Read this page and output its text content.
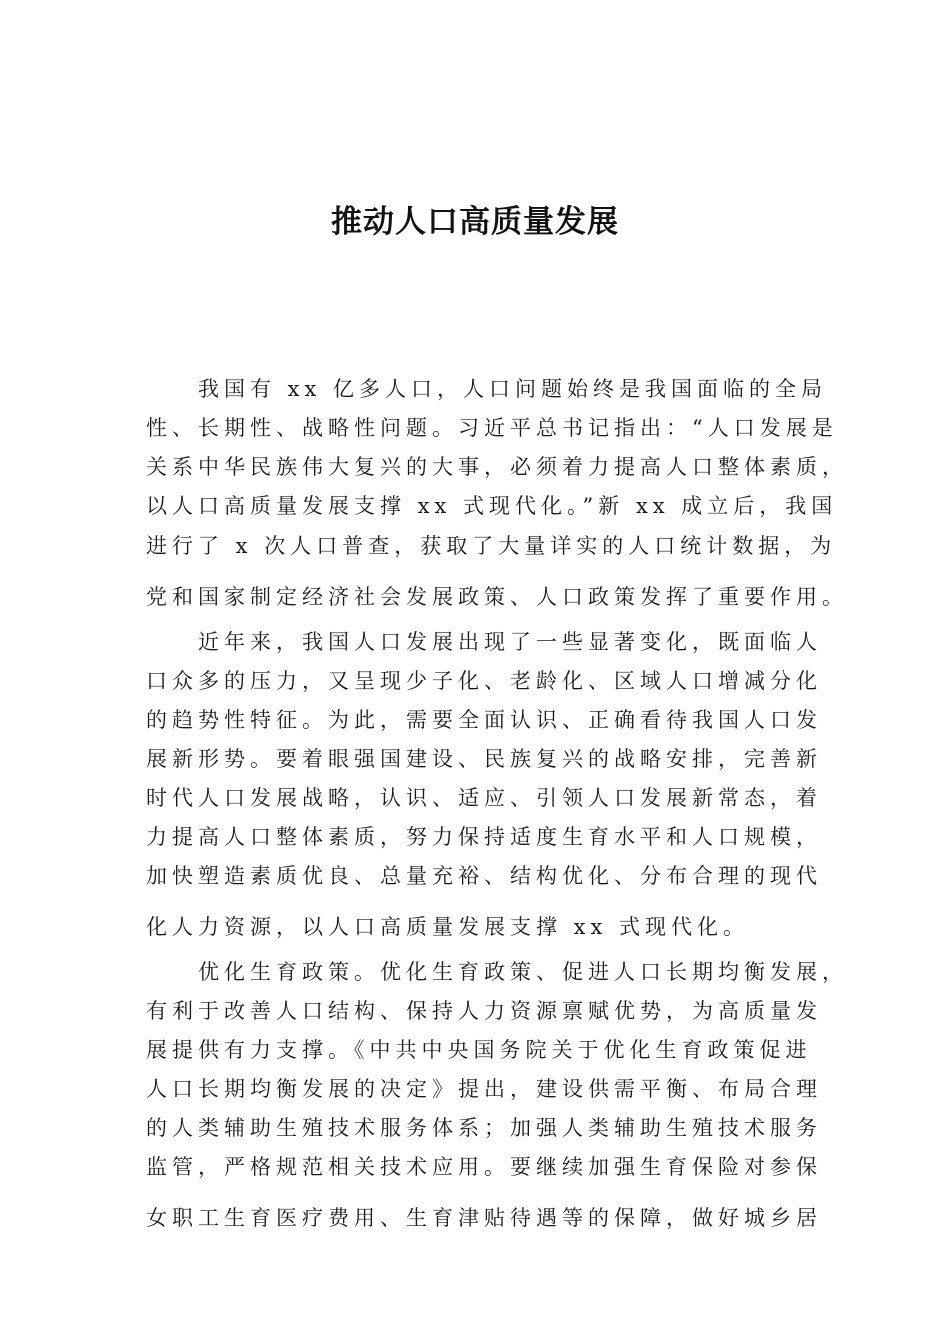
推动人口高质量发展
我国有 xx 亿多人口，人口问题始终是我国面临的全局
性、长期性、战略性问题。习近平总书记指出：“人口发展是
关系中华民族伟大复兴的大事，必须着力提高人口整体素质，
以人口高质量发展支撑 xx 式现代化。”新 xx 成立后，我国
进行了 x 次人口普查，获取了大量详实的人口统计数据，为
党和国家制定经济社会发展政策、人口政策发挥了重要作用。
近年来，我国人口发展出现了一些显著变化，既面临人
口众多的压力，又呈现少子化、老龄化、区域人口增减分化
的趋势性特征。为此，需要全面认识、正确看待我国人口发
展新形势。要着眼强国建设、民族复兴的战略安排，完善新
时代人口发展战略，认识、适应、引领人口发展新常态，着
力提高人口整体素质，努力保持适度生育水平和人口规模，
加快塑造素质优良、总量充裕、结构优化、分布合理的现代
化人力资源，以人口高质量发展支撑 xx 式现代化。
优化生育政策。优化生育政策、促进人口长期均衡发展，
有利于改善人口结构、保持人力资源禀赋优势，为高质量发
展提供有力支撑。《中共中央国务院关于优化生育政策促进
人口长期均衡发展的决定》提出，建设供需平衡、布局合理
的人类辅助生殖技术服务体系；加强人类辅助生殖技术服务
监管，严格规范相关技术应用。要继续加强生育保险对参保
女职工生育医疗费用、生育津贴待遇等的保障，做好城乡居
